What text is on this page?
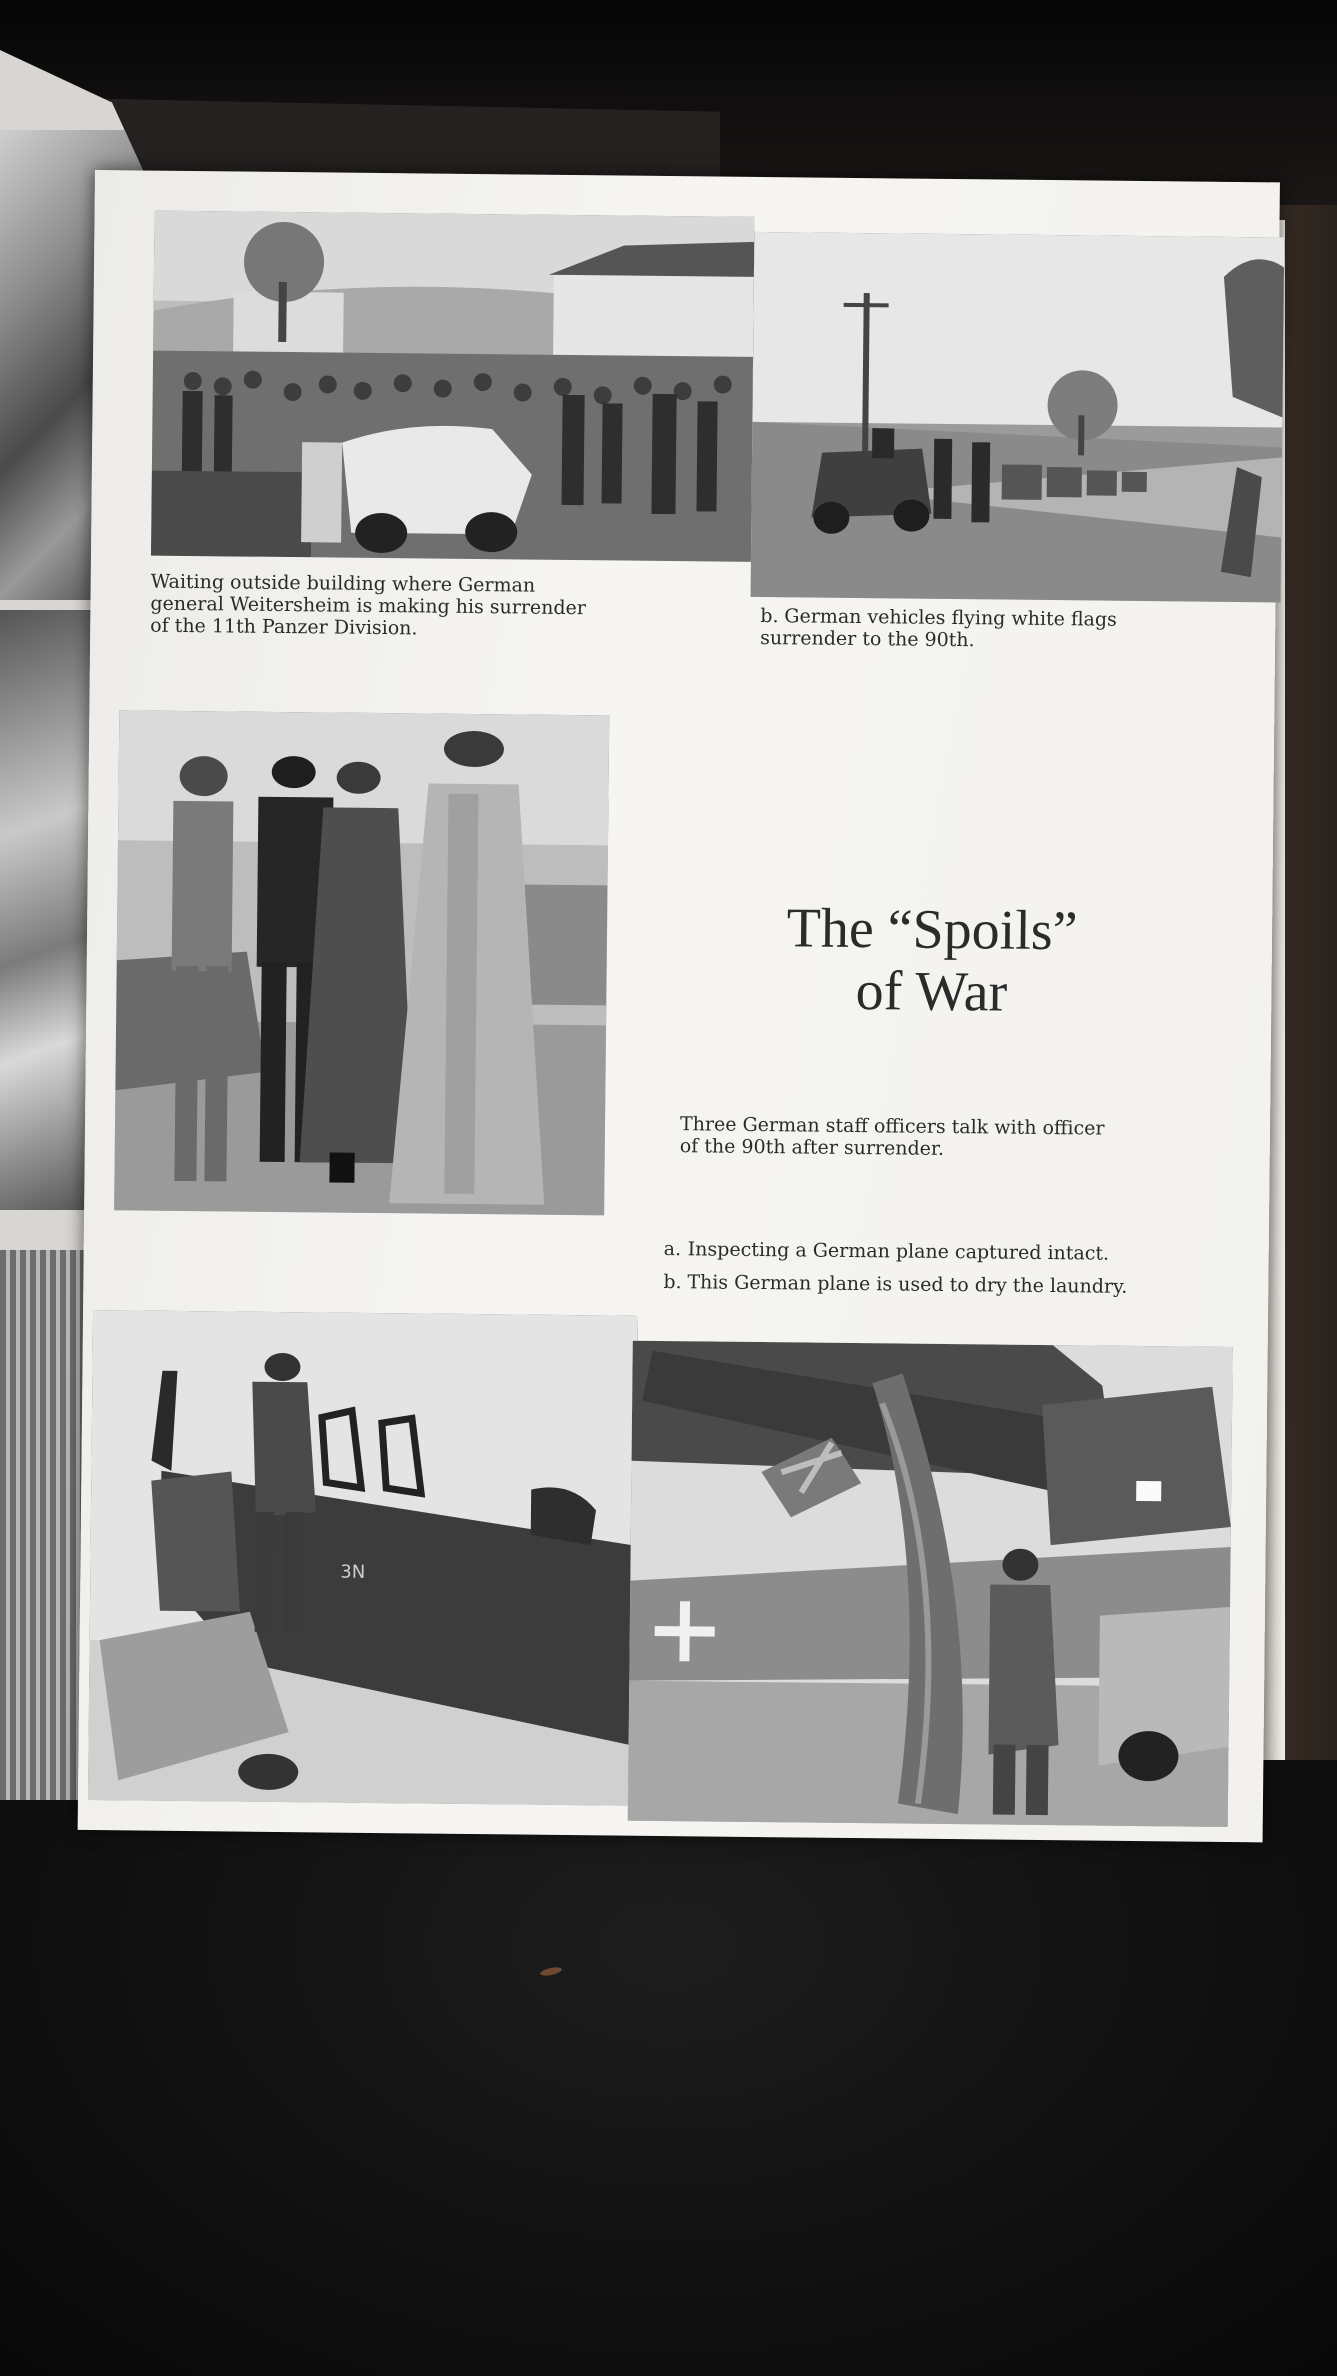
Waiting outside building where German general Weitersheim is making his surrender of the 11th Panzer Division.	b. German vehicles flying white flags surrender to the 90th.
The “Spoils”
of War
Three German staff officers talk with officer of the 90th after surrender.
a. Inspecting a German plane captured intact.
b. This German plane is used to dry the laundry.
3N
